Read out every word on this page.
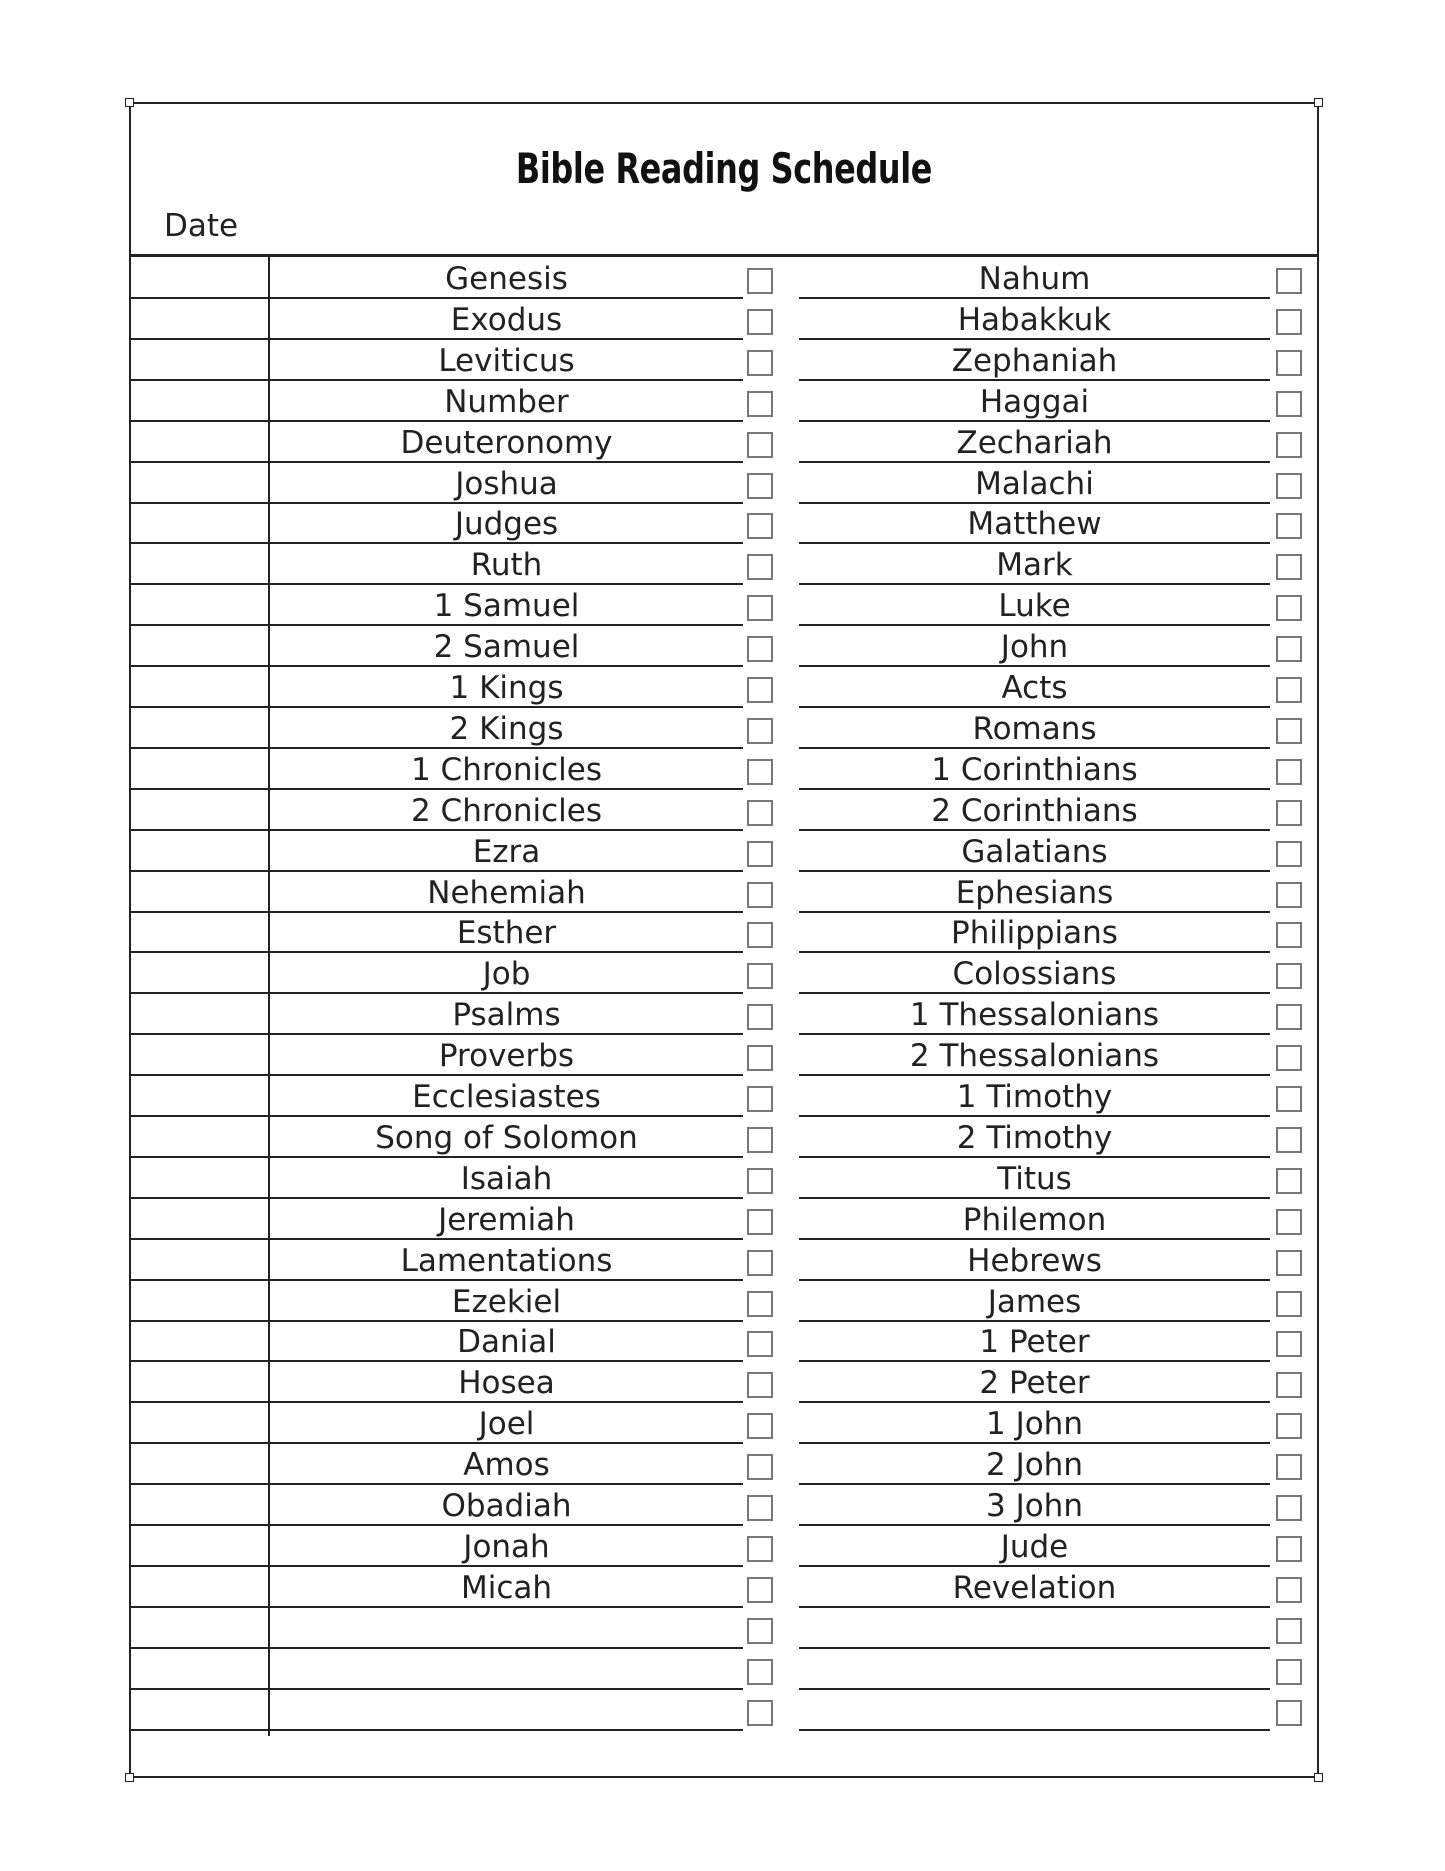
Bible Reading Schedule
Date
Genesis
Exodus
Leviticus
Number
Deuteronomy
Joshua
Judges
Ruth
1 Samuel
2 Samuel
1 Kings
2 Kings
1 Chronicles
2 Chronicles
Ezra
Nehemiah
Esther
Job
Psalms
Proverbs
Ecclesiastes
Song of Solomon
Isaiah
Jeremiah
Lamentations
Ezekiel
Danial
Hosea
Joel
Amos
Obadiah
Jonah
Micah
Nahum
Habakkuk
Zephaniah
Haggai
Zechariah
Malachi
Matthew
Mark
Luke
John
Acts
Romans
1 Corinthians
2 Corinthians
Galatians
Ephesians
Philippians
Colossians
1 Thessalonians
2 Thessalonians
1 Timothy
2 Timothy
Titus
Philemon
Hebrews
James
1 Peter
2 Peter
1 John
2 John
3 John
Jude
Revelation
